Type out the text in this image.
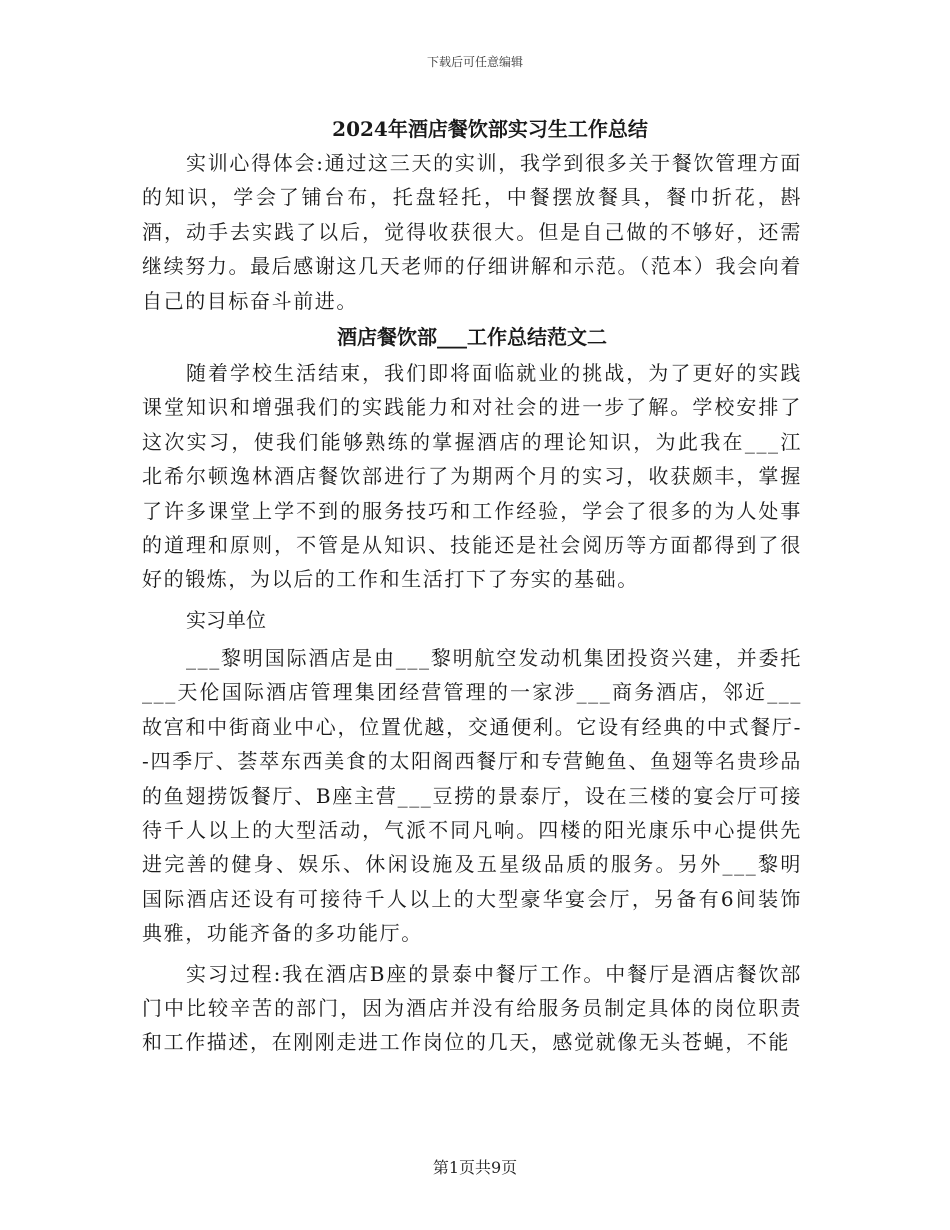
下载后可任意编辑
2024年酒店餐饮部实习生工作总结

实训心得体会:通过这三天的实训，我学到很多关于餐饮管理方面的知识，学会了铺台布，托盘轻托，中餐摆放餐具，餐巾折花，斟酒，动手去实践了以后，觉得收获很大。但是自己做的不够好，还需继续努力。最后感谢这几天老师的仔细讲解和示范。（范本）我会向着自己的目标奋斗前进。

酒店餐饮部___工作总结范文二

随着学校生活结束，我们即将面临就业的挑战，为了更好的实践课堂知识和增强我们的实践能力和对社会的进一步了解。学校安排了这次实习，使我们能够熟练的掌握酒店的理论知识，为此我在___江北希尔顿逸林酒店餐饮部进行了为期两个月的实习，收获颇丰，掌握了许多课堂上学不到的服务技巧和工作经验，学会了很多的为人处事的道理和原则，不管是从知识、技能还是社会阅历等方面都得到了很好的锻炼，为以后的工作和生活打下了夯实的基础。

实习单位

___黎明国际酒店是由___黎明航空发动机集团投资兴建，并委托___天伦国际酒店管理集团经营管理的一家涉___商务酒店，邻近___故宫和中街商业中心，位置优越，交通便利。它设有经典的中式餐厅--四季厅、荟萃东西美食的太阳阁西餐厅和专营鲍鱼、鱼翅等名贵珍品的鱼翅捞饭餐厅、B座主营___豆捞的景泰厅，设在三楼的宴会厅可接待千人以上的大型活动，气派不同凡响。四楼的阳光康乐中心提供先进完善的健身、娱乐、休闲设施及五星级品质的服务。另外___黎明国际酒店还设有可接待千人以上的大型豪华宴会厅，另备有6间装饰典雅，功能齐备的多功能厅。

实习过程:我在酒店B座的景泰中餐厅工作。中餐厅是酒店餐饮部门中比较辛苦的部门，因为酒店并没有给服务员制定具体的岗位职责和工作描述，在刚刚走进工作岗位的几天，感觉就像无头苍蝇，不能

第1页共9页
